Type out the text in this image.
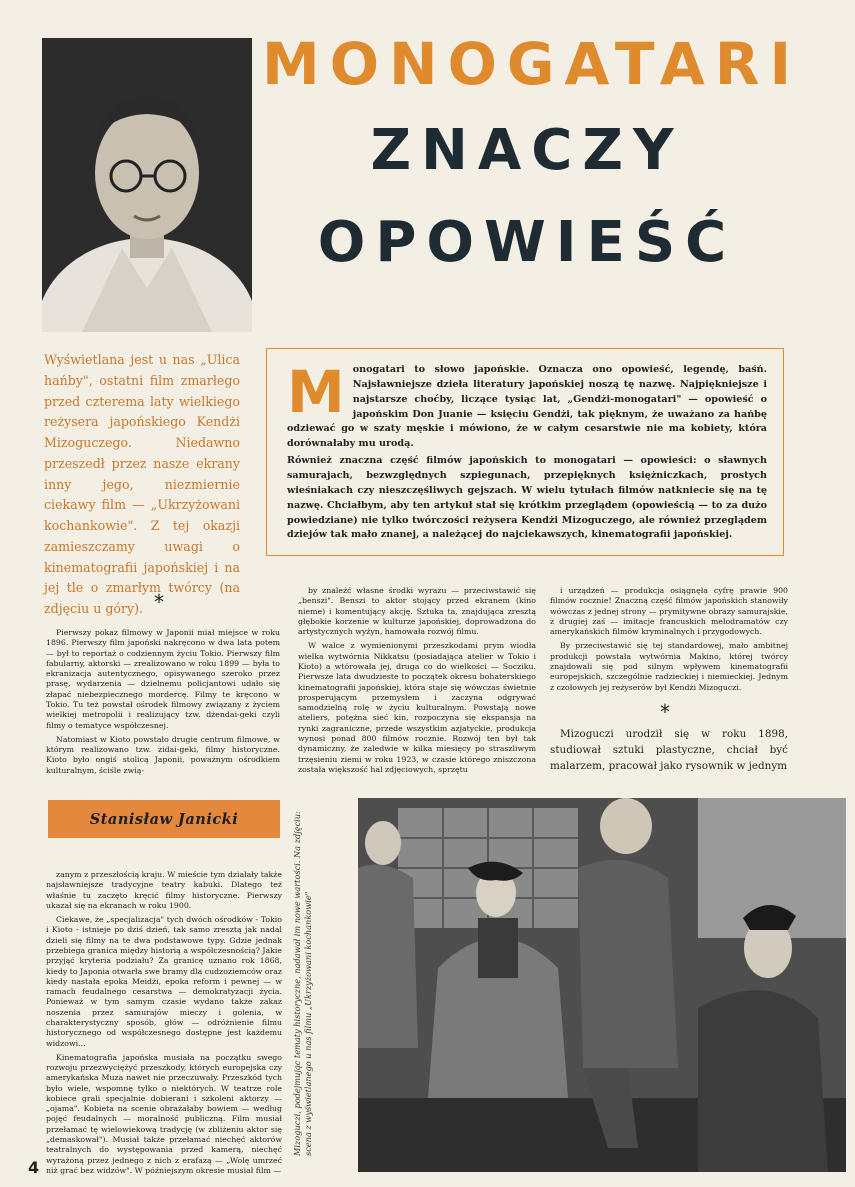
MONOGATARI
ZNACZY
OPOWIEŚĆ
Wyświetlana jest u nas „Ulica hańby", ostatni film zmarłego przed czterema laty wielkiego reżysera japońskiego Kendżi Mizoguczego. Niedawno przeszedł przez nasze ekrany inny jego, niezmiernie ciekawy film — „Ukrzyżowani kochankowie". Z tej okazji zamieszczamy uwagi o kinematografii japońskiej i na jej tle o zmarłym twórcy (na zdjęciu u góry).
M onogatari to słowo japońskie. Oznacza ono opowieść, legendę, baśń. Najsławniejsze dzieła literatury japońskiej noszą tę nazwę. Najpiękniejsze i najstarsze choćby, liczące tysiąc lat, „Gendżi-monogatari" — opowieść o japońskim Don Juanie — księciu Gendżi, tak pięknym, że uważano za hańbę odziewać go w szaty męskie i mówiono, że w całym cesarstwie nie ma kobiety, która dorównałaby mu urodą.

Również znaczna część filmów japońskich to monogatari — opowieści: o sławnych samurajach, bezwzględnych szpiegunach, przepięknych księżniczkach, prostych wieśniakach czy nieszczęśliwych gejszach. W wielu tytułach filmów natkniecie się na tę nazwę. Chciałbym, aby ten artykuł stał się krótkim przeglądem (opowieścią — to za dużo powiedziane) nie tylko twórczości reżysera Kendżi Mizoguczego, ale również przeglądem dziejów tak mało znanej, a należącej do najciekawszych, kinematografii japońskiej.

*

Pierwszy pokaz filmowy w Japonii miał miejsce w roku 1896. Pierwszy film japoński nakręcono w dwa lata potem — był to reportaż o codziennym życiu Tokio. Pierwszy film fabularny, aktorski — zrealizowano w roku 1899 — była to ekranizacja autentycznego, opisywanego szeroko przez prasę, wydarzenia — dzielnemu policjantowi udało się złapać niebezpiecznego mordercę. Filmy te kręcono w Tokio. Tu też powstał ośrodek filmowy związany z życiem wielkiej metropolii i realizujący tzw. dżendai-geki czyli filmy o tematyce współczesnej.

Natomiast w Kioto powstało drugie centrum filmowe, w którym realizowano tzw. zidai-geki, filmy historyczne. Kioto było ongiś stolicą Japonii, poważnym ośrodkiem kulturalnym, ściśle zwią-

by znaleźć własne środki wyrazu — przeciwstawić się „benszi". Benszi to aktor stojący przed ekranem (kino nieme) i komentujący akcję. Sztuka ta, znajdująca zresztą głębokie korzenie w kulturze japońskiej, doprowadzona do artystycznych wyżyn, hamowała rozwój filmu.

W walce z wymienionymi przeszkodami prym wiodła wielka wytwórnia Nikkatsu (posiadająca atelier w Tokio i Kioto) a wtórowała jej, druga co do wielkości — Socziku. Pierwsze lata dwudzieste to początek okresu bohaterskiego kinematografii japońskiej, która staje się wówczas świetnie prosperującym przemysłem i zaczyna odgrywać samodzielną rolę w życiu kulturalnym. Powstają nowe ateliers, potężna sieć kin, rozpoczyna się ekspansja na rynki zagraniczne, przede wszystkim azjatyckie, produkcja wynosi ponad 800 filmów rocznie. Rozwój ten był tak dynamiczny, że zaledwie w kilka miesięcy po straszliwym trzęsieniu ziemi w roku 1923, w czasie którego zniszczona została większość hal zdjęciowych, sprzętu

i urządzeń — produkcja osiągnęła cyfrę prawie 900 filmów rocznie! Znaczną część filmów japońskich stanowiły wówczas z jednej strony — prymitywne obrazy samurajskie, z drugiej zaś — imitacje francuskich melodramatów czy amerykańskich filmów kryminalnych i przygodowych.

By przeciwstawić się tej standardowej, mało ambitnej produkcji powstała wytwórnia Makino, której twórcy znajdowali się pod silnym wpływem kinematografii europejskich, szczególnie radzieckiej i niemieckiej. Jednym z czołowych jej reżyserów był Kendżi Mizoguczi.

*

Mizoguczi urodził się w roku 1898, studiował sztuki plastyczne, chciał być malarzem, pracował jako rysownik w jednym

Stanisław Janicki

zanym z przeszłością kraju. W mieście tym działały także najsławniejsze tradycyjne teatry kabuki. Dlatego też właśnie tu zaczęto kręcić filmy historyczne. Pierwszy ukazał się na ekranach w roku 1900.

Ciekawe, że „specjalizacja" tych dwóch ośrodków - Tokio i Kioto - istnieje po dziś dzień, tak samo zresztą jak nadal dzieli się filmy na te dwa podstawowe typy. Gdzie jednak przebiega granica między historią a współczesnością? Jakie przyjąć kryteria podziału? Za granicę uznano rok 1868, kiedy to Japonia otwarła swe bramy dla cudzoziemców oraz kiedy nastała epoka Meidżi, epoka reform i pewnej — w ramach feudalnego cesarstwa — demokratyzacji życia. Ponieważ w tym samym czasie wydano także zakaz noszenia przez samurajów mieczy i golenia, w charakterystyczny sposób, głów — odróżnienie filmu historycznego od współczesnego dostępne jest każdemu widzowi...

Kinematografia japońska musiała na początku swego rozwoju przezwyciężyć przeszkody, których europejska czy amerykańska Muza nawet nie przeczuwały. Przeszkód tych było wiele, wspomnę tylko o niektórych. W teatrze role kobiece grali specjalnie dobierani i szkoleni aktorzy — „ojama". Kobieta na scenie obrażałaby bowiem — według pojęć feudalnych — moralność publiczną. Film musiał przełamać tę wielowiekową tradycję (w zbliżeniu aktor się „demaskował"). Musiał także przełamać niechęć aktorów teatralnych do występowania przed kamerą, niechęć wyrażoną przez jednego z nich z erafazą — „Wolę umrzeć niż grać bez widzów". W późniejszym okresie musiał film —

Mizoguczi, podejmując tematy historyczne, nadawał im nowe wartości. Na zdjęciu: scena z wyświetlanego u nas filmu „Ukrzyżowani kochankowie"
4
